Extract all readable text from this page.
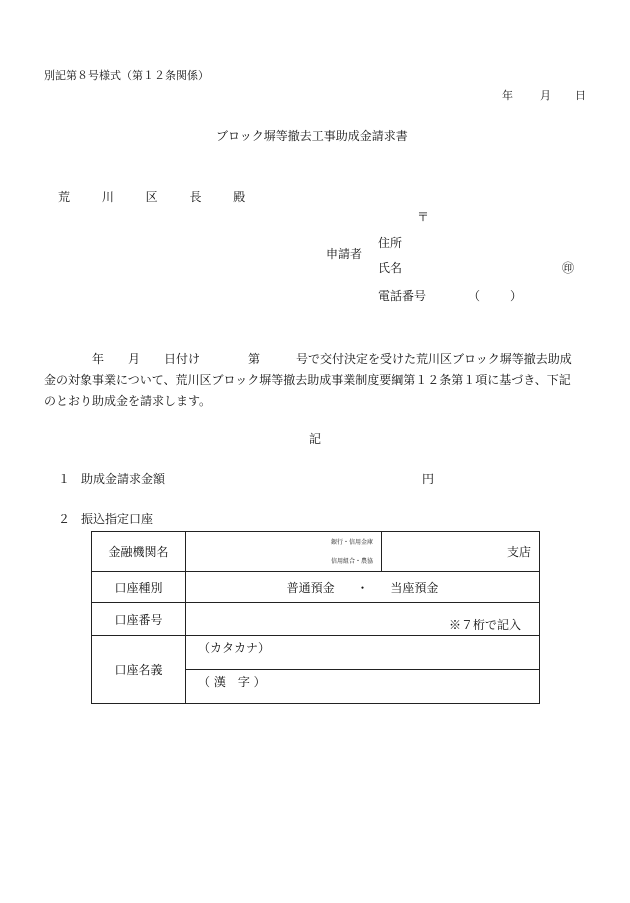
別記第８号様式（第１２条関係）
年 月 日
ブロック塀等撤去工事助成金請求書
荒 川 区 長 殿
〒
申請者
住所
氏名	㊞
電話番号	（ ）
年　　月　　日付け　　　　第　　　号で交付決定を受けた荒川区ブロック塀等撤去助成
金の対象事業について、荒川区ブロック塀等撤去助成事業制度要綱第１２条第１項に基づき、下記
のとおり助成金を請求します。
記
１ 助成金請求金額	円
２ 振込指定口座
金融機関名	銀行・信用金庫
信用組合・農協	支店
口座種別	普通預金 ・ 当座預金	
口座番号	※７桁で記入	
口座名義	（カタカナ）	
	（ 漢　字 ）	
